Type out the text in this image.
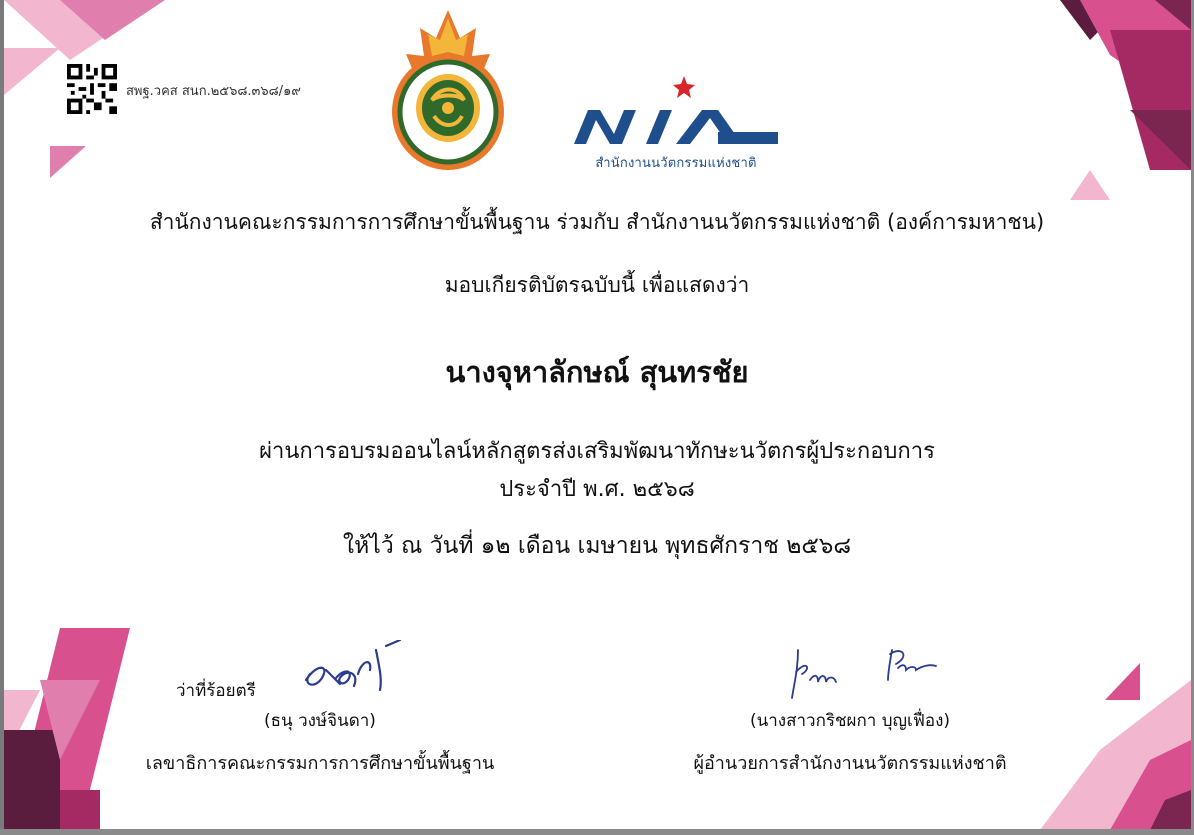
สพฐ.วคส สนก.๒๕๖๘.๓๖๘/๑๙
สำนักงานนวัตกรรมแห่งชาติ
สำนักงานคณะกรรมการการศึกษาขั้นพื้นฐาน ร่วมกับ สำนักงานนวัตกรรมแห่งชาติ (องค์การมหาชน)
มอบเกียรติบัตรฉบับนี้ เพื่อแสดงว่า
นางจุหาลักษณ์ สุนทรชัย
ผ่านการอบรมออนไลน์หลักสูตรส่งเสริมพัฒนาทักษะนวัตกรผู้ประกอบการ
ประจำปี พ.ศ. ๒๕๖๘
ให้ไว้ ณ วันที่ ๑๒ เดือน เมษายน พุทธศักราช ๒๕๖๘
ว่าที่ร้อยตรี
(ธนุ วงษ์จินดา)
เลขาธิการคณะกรรมการการศึกษาขั้นพื้นฐาน
(นางสาวกริชผกา บุญเฟื่อง)
ผู้อำนวยการสำนักงานนวัตกรรมแห่งชาติ
